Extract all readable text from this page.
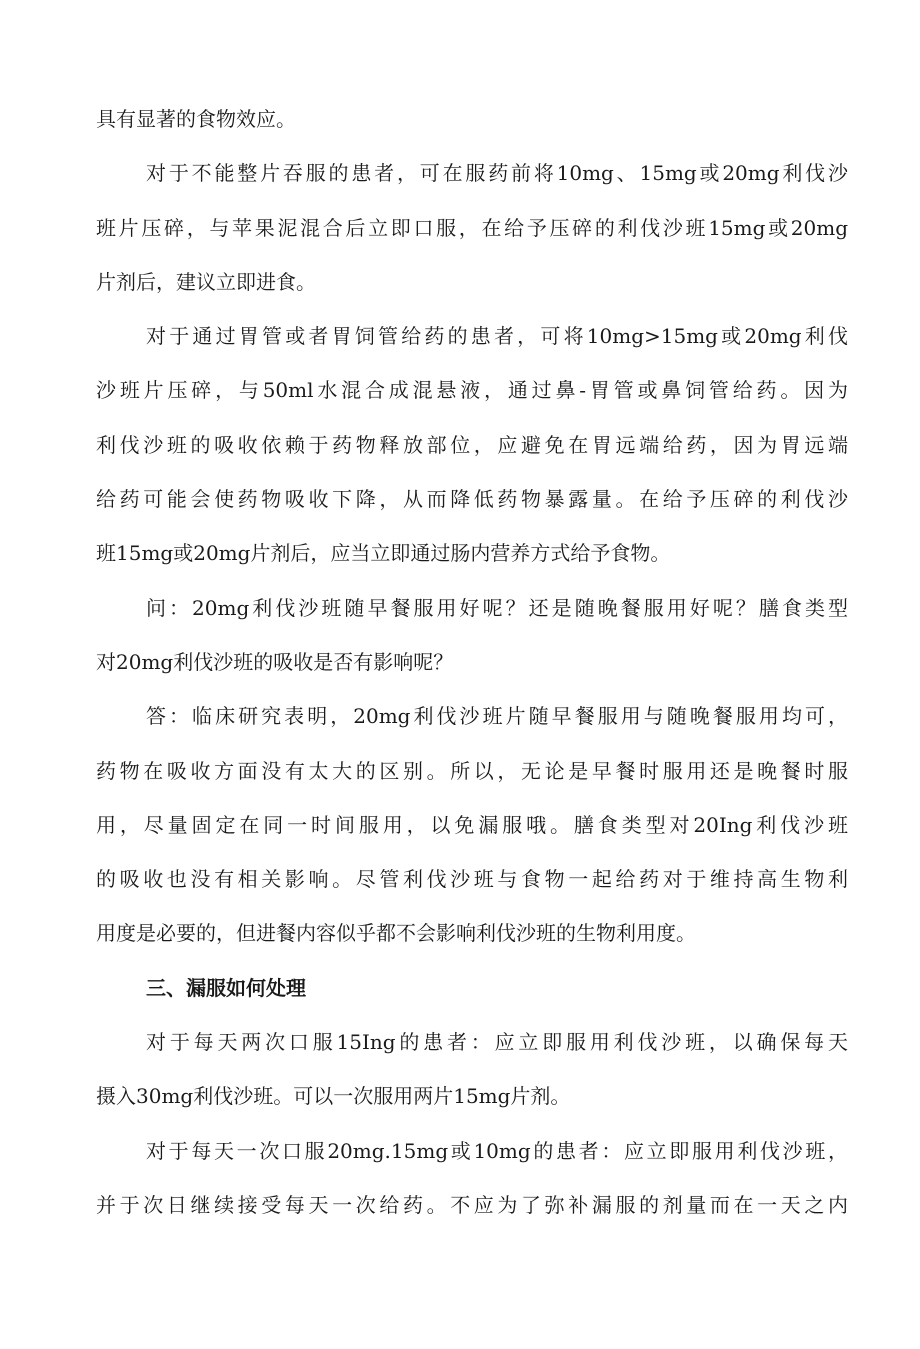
具有显著的食物效应。
对于不能整片吞服的患者，可在服药前将10mg、15mg或20mg利伐沙
班片压碎，与苹果泥混合后立即口服，在给予压碎的利伐沙班15mg或20mg
片剂后，建议立即进食。
对于通过胃管或者胃饲管给药的患者，可将10mg>15mg或20mg利伐
沙班片压碎，与50ml水混合成混悬液，通过鼻-胃管或鼻饲管给药。因为
利伐沙班的吸收依赖于药物释放部位，应避免在胃远端给药，因为胃远端
给药可能会使药物吸收下降，从而降低药物暴露量。在给予压碎的利伐沙
班15mg或20mg片剂后，应当立即通过肠内营养方式给予食物。
问：20mg利伐沙班随早餐服用好呢？还是随晚餐服用好呢？膳食类型
对20mg利伐沙班的吸收是否有影响呢？
答：临床研究表明，20mg利伐沙班片随早餐服用与随晚餐服用均可，
药物在吸收方面没有太大的区别。所以，无论是早餐时服用还是晚餐时服
用，尽量固定在同一时间服用，以免漏服哦。膳食类型对20Ing利伐沙班
的吸收也没有相关影响。尽管利伐沙班与食物一起给药对于维持高生物利
用度是必要的，但进餐内容似乎都不会影响利伐沙班的生物利用度。
三、漏服如何处理
对于每天两次口服15Ing的患者：应立即服用利伐沙班，以确保每天
摄入30mg利伐沙班。可以一次服用两片15mg片剂。
对于每天一次口服20mg.15mg或10mg的患者：应立即服用利伐沙班，
并于次日继续接受每天一次给药。不应为了弥补漏服的剂量而在一天之内
